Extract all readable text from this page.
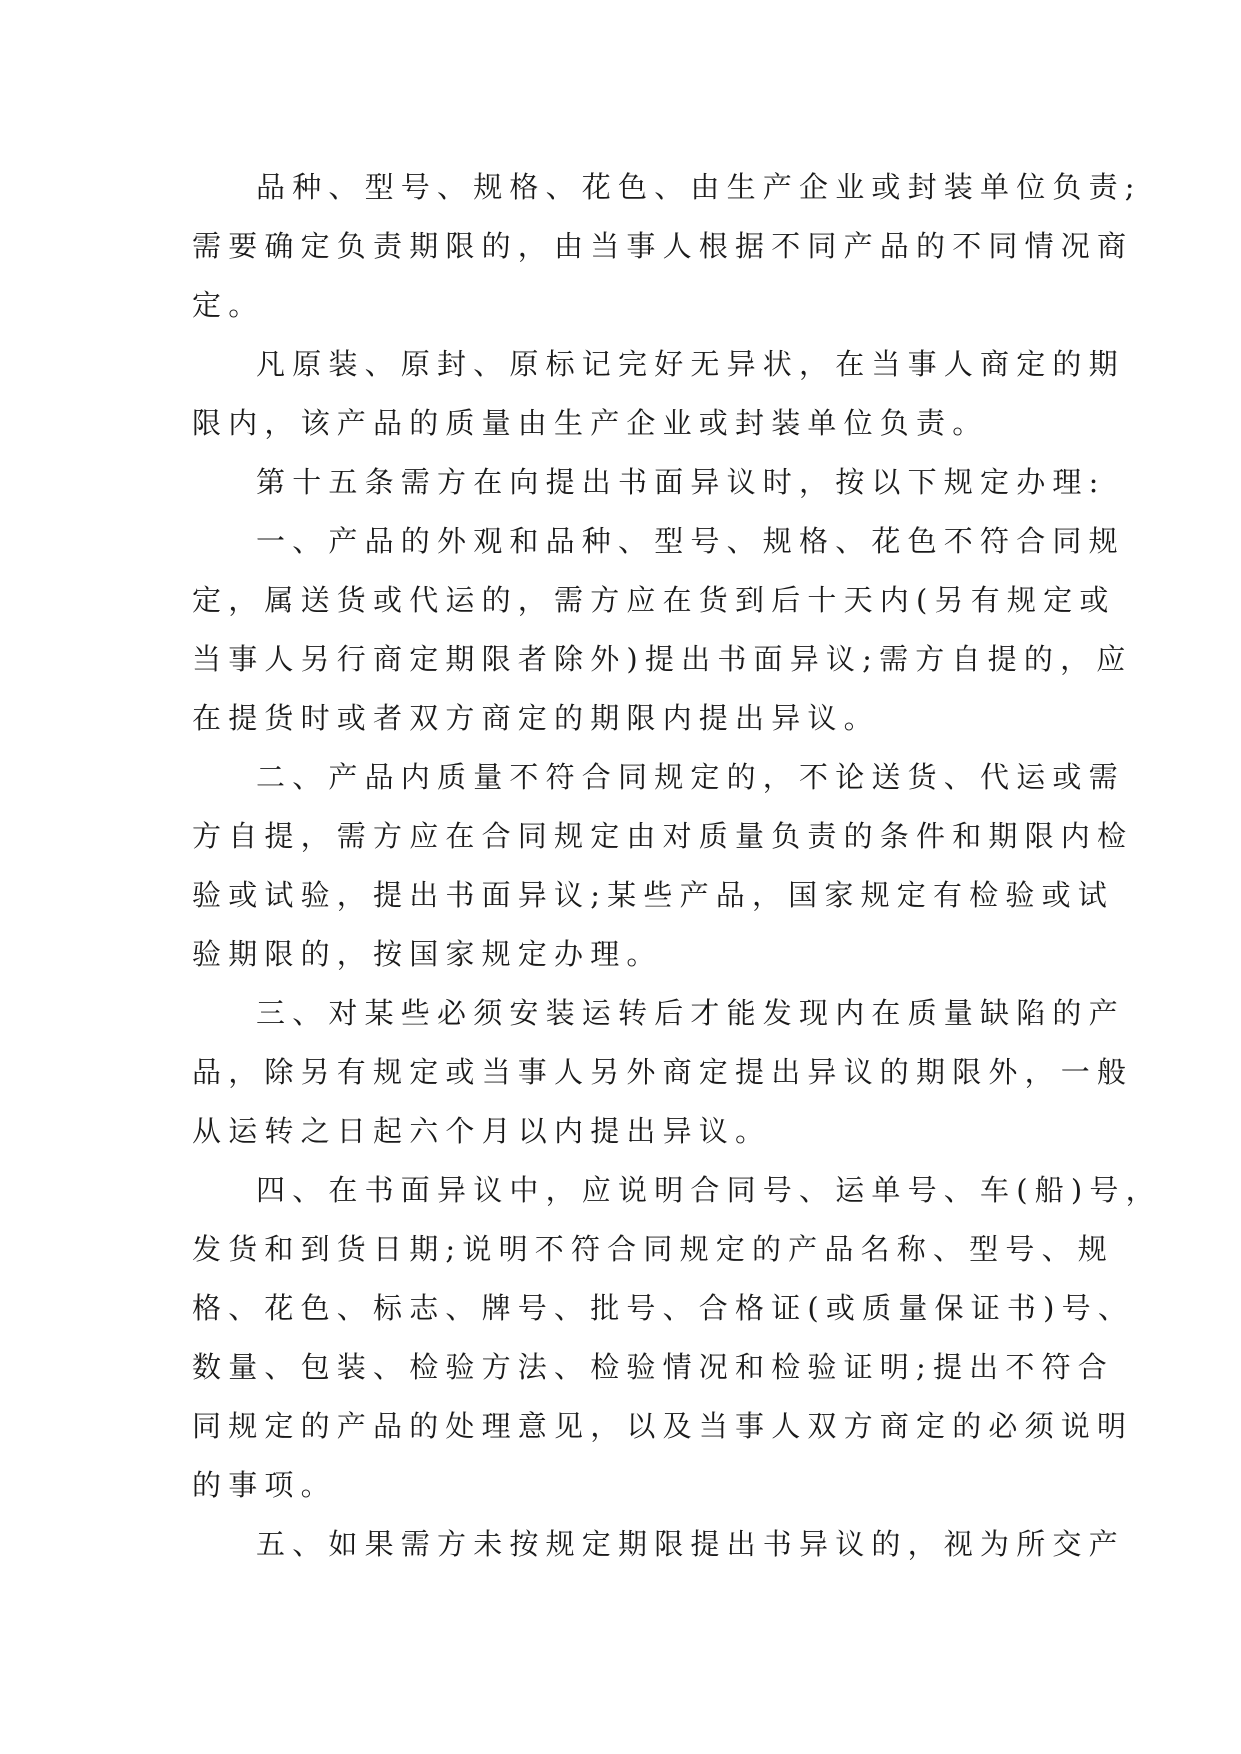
品种、型号、规格、花色、由生产企业或封装单位负责;
需要确定负责期限的，由当事人根据不同产品的不同情况商
定。

凡原装、原封、原标记完好无异状，在当事人商定的期
限内，该产品的质量由生产企业或封装单位负责。

第十五条需方在向提出书面异议时，按以下规定办理:

一、产品的外观和品种、型号、规格、花色不符合同规
定，属送货或代运的，需方应在货到后十天内(另有规定或
当事人另行商定期限者除外)提出书面异议;需方自提的，应
在提货时或者双方商定的期限内提出异议。

二、产品内质量不符合同规定的，不论送货、代运或需
方自提，需方应在合同规定由对质量负责的条件和期限内检
验或试验，提出书面异议;某些产品，国家规定有检验或试
验期限的，按国家规定办理。

三、对某些必须安装运转后才能发现内在质量缺陷的产
品，除另有规定或当事人另外商定提出异议的期限外，一般
从运转之日起六个月以内提出异议。

四、在书面异议中，应说明合同号、运单号、车(船)号，
发货和到货日期;说明不符合同规定的产品名称、型号、规
格、花色、标志、牌号、批号、合格证(或质量保证书)号、
数量、包装、检验方法、检验情况和检验证明;提出不符合
同规定的产品的处理意见，以及当事人双方商定的必须说明
的事项。

五、如果需方未按规定期限提出书异议的，视为所交产
